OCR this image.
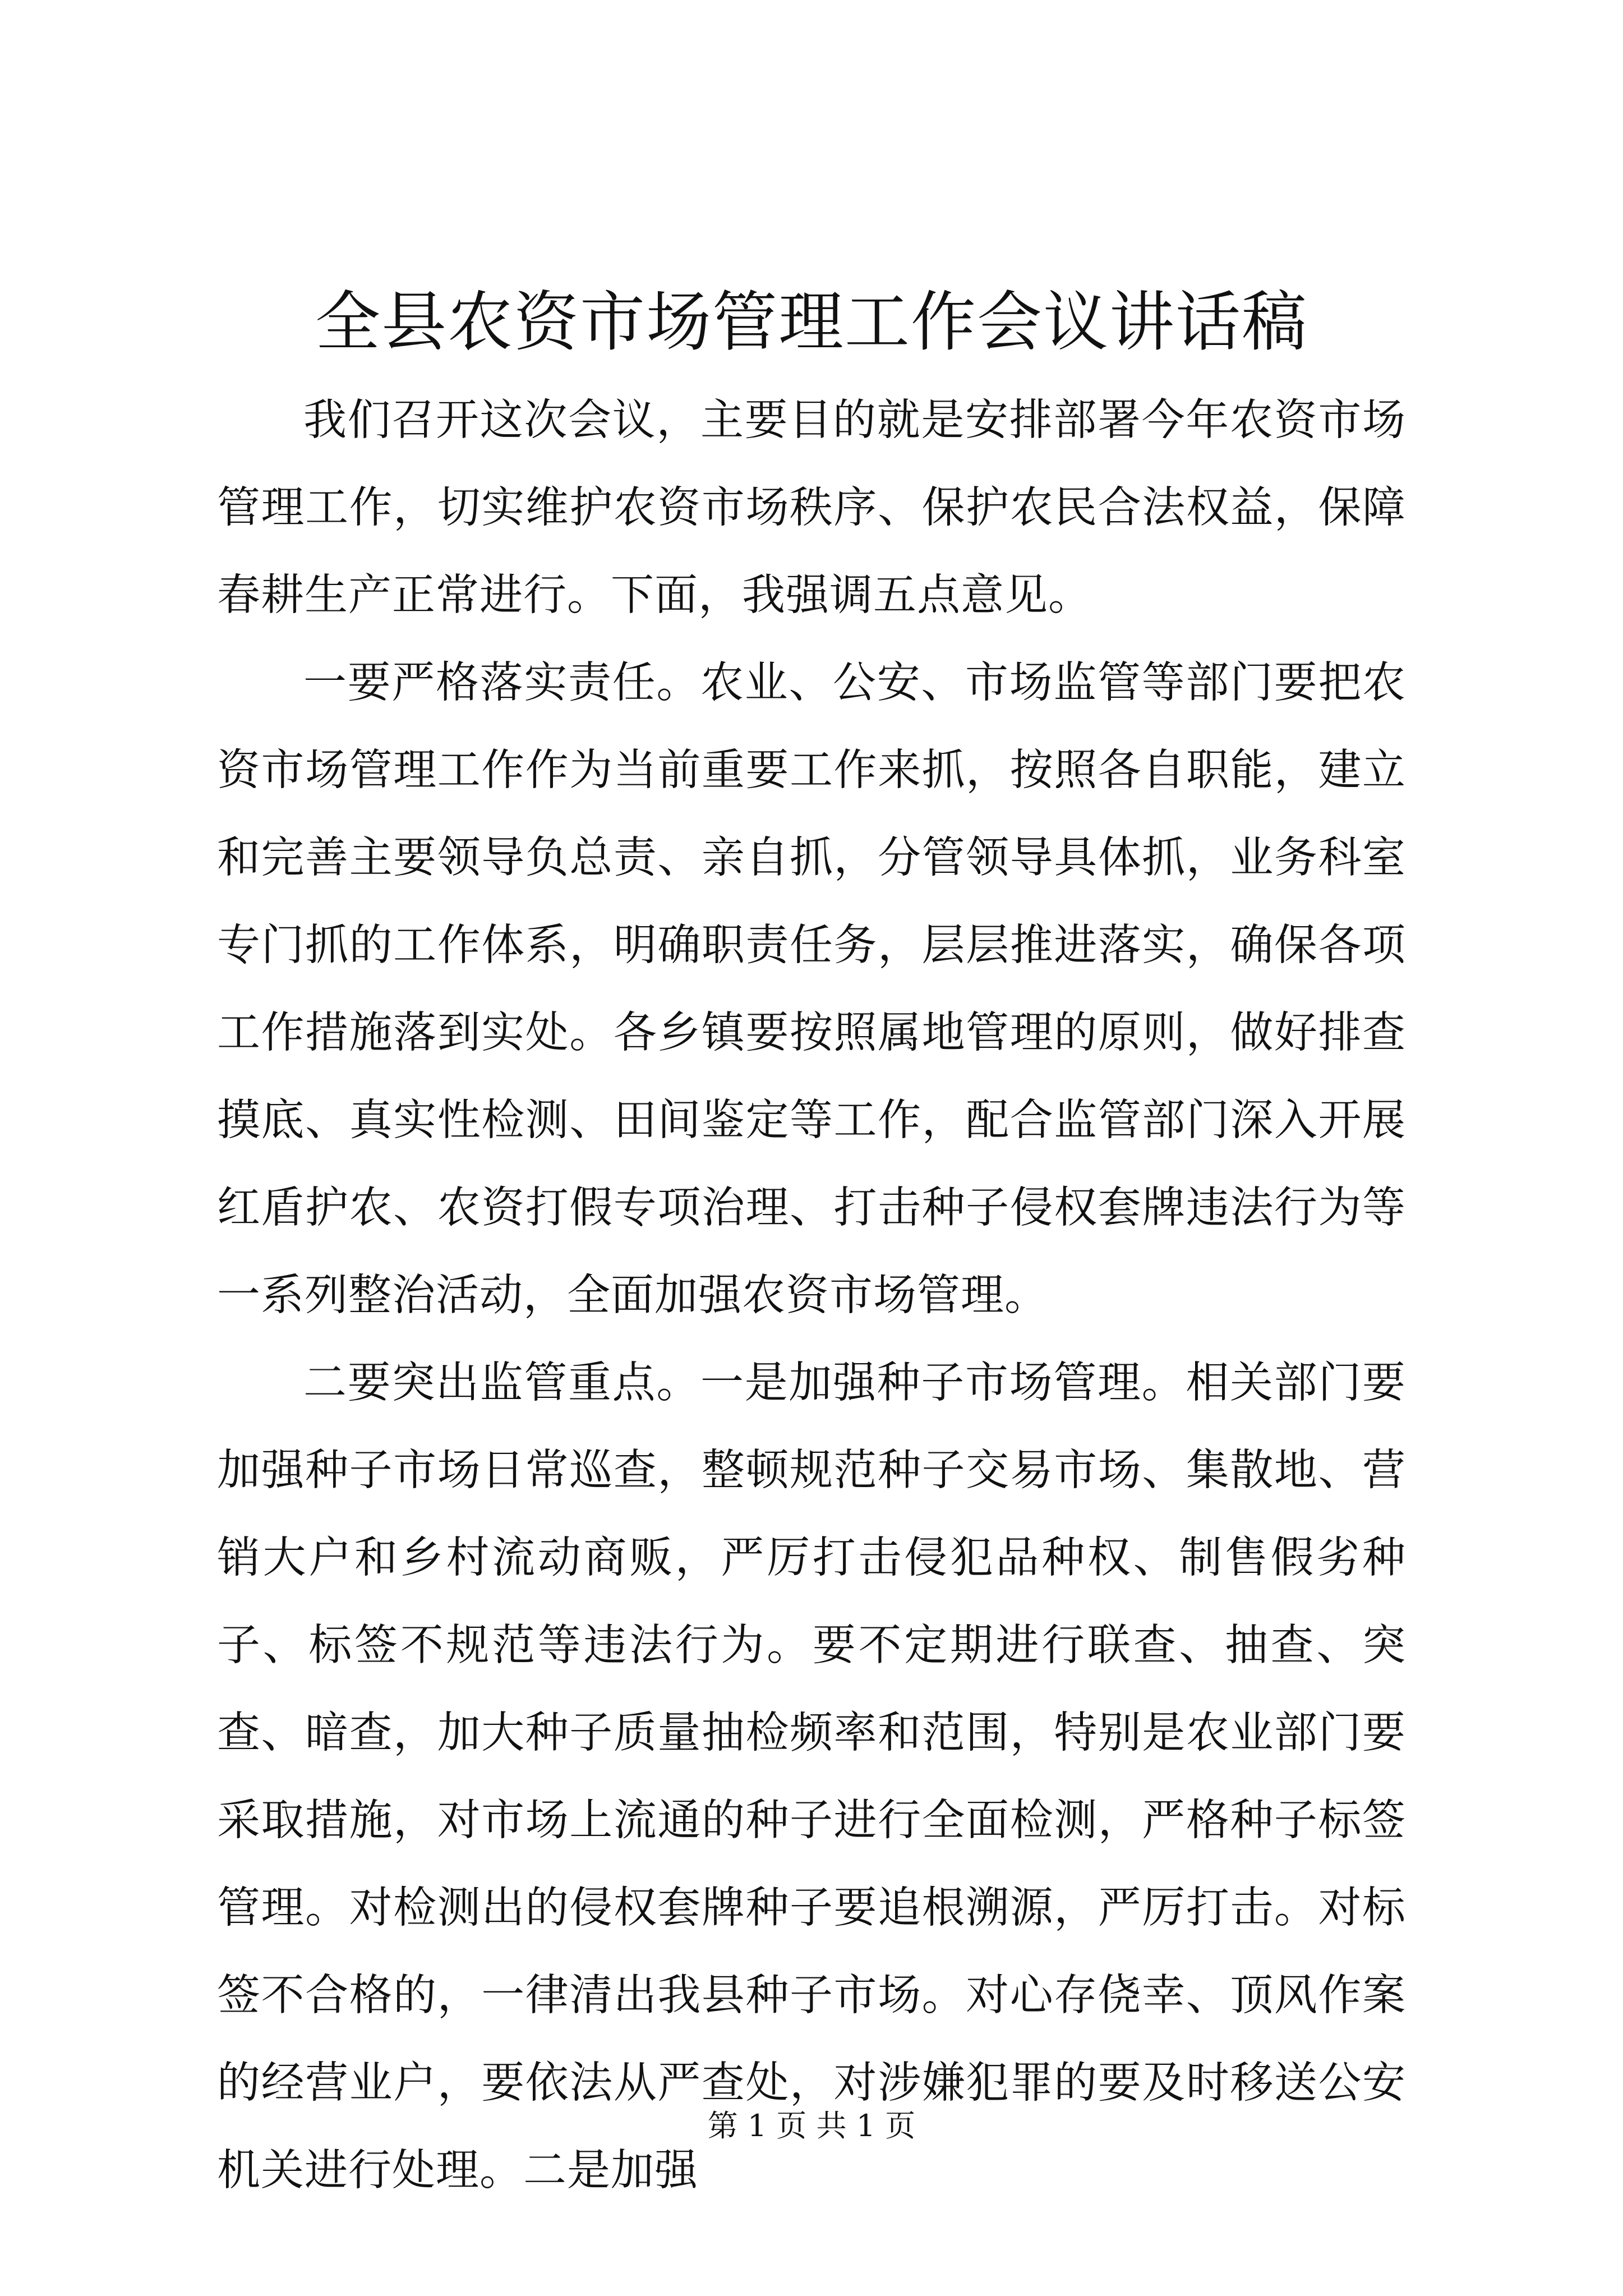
全县农资市场管理工作会议讲话稿

我们召开这次会议，主要目的就是安排部署今年农资市场管理工作，切实维护农资市场秩序、保护农民合法权益，保障春耕生产正常进行。下面，我强调五点意见。

一要严格落实责任。农业、公安、市场监管等部门要把农资市场管理工作作为当前重要工作来抓，按照各自职能，建立和完善主要领导负总责、亲自抓，分管领导具体抓，业务科室专门抓的工作体系，明确职责任务，层层推进落实，确保各项工作措施落到实处。各乡镇要按照属地管理的原则，做好排查摸底、真实性检测、田间鉴定等工作，配合监管部门深入开展红盾护农、农资打假专项治理、打击种子侵权套牌违法行为等一系列整治活动，全面加强农资市场管理。

二要突出监管重点。一是加强种子市场管理。相关部门要加强种子市场日常巡查，整顿规范种子交易市场、集散地、营销大户和乡村流动商贩，严厉打击侵犯品种权、制售假劣种子、标签不规范等违法行为。要不定期进行联查、抽查、突查、暗查，加大种子质量抽检频率和范围，特别是农业部门要采取措施，对市场上流通的种子进行全面检测，严格种子标签管理。对检测出的侵权套牌种子要追根溯源，严厉打击。对标签不合格的，一律清出我县种子市场。对心存侥幸、顶风作案的经营业户，要依法从严查处，对涉嫌犯罪的要及时移送公安机关进行处理。二是加强

第 1 页 共 1 页
